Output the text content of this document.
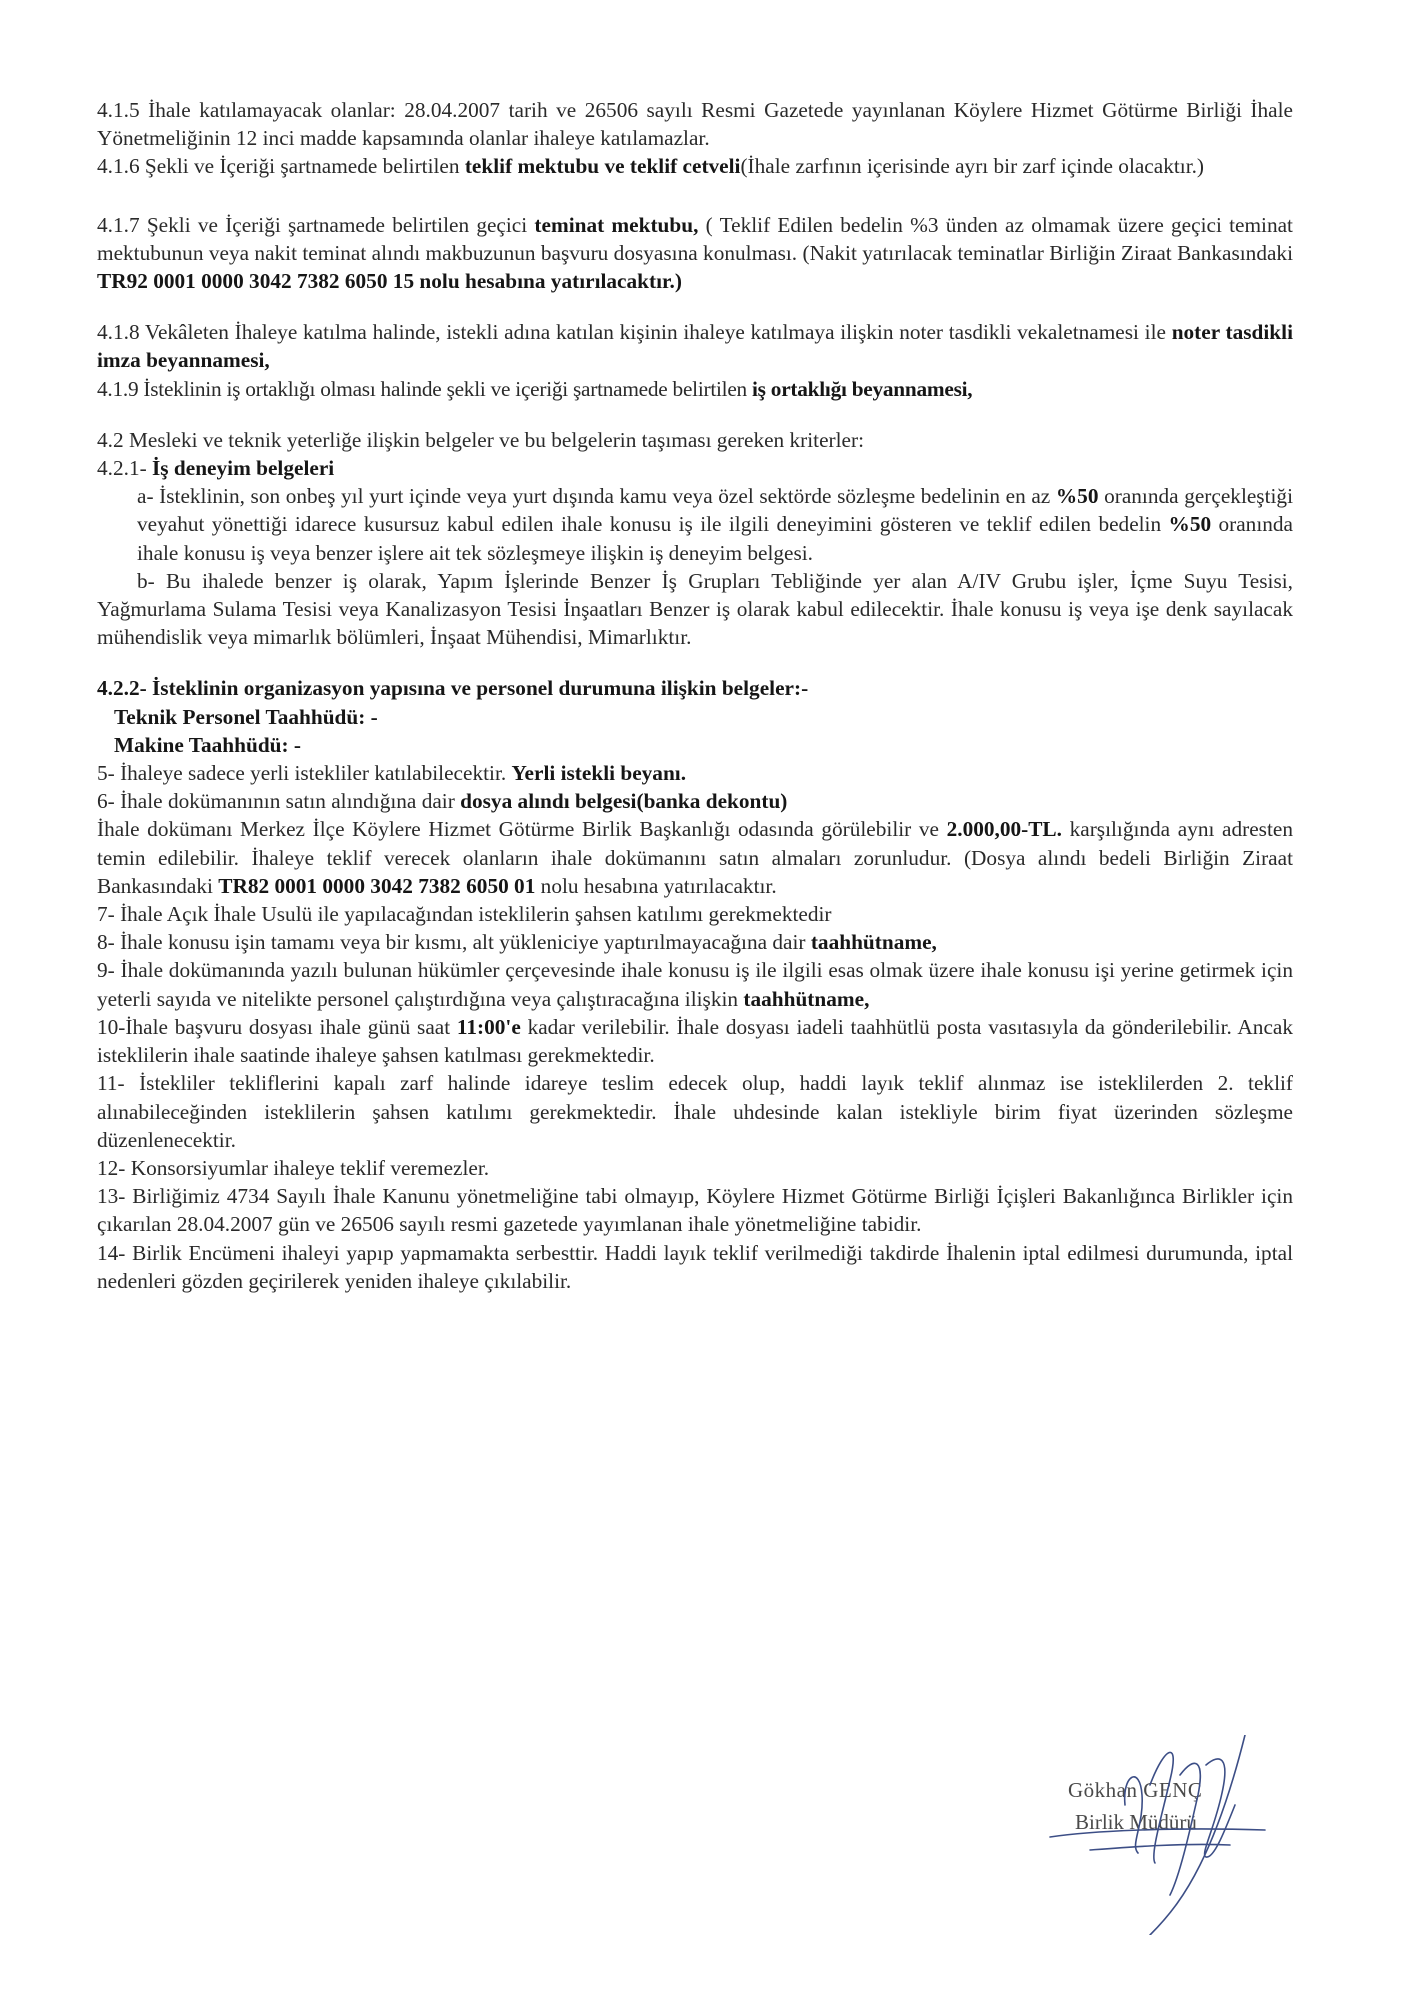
4.1.5 İhale katılamayacak olanlar: 28.04.2007 tarih ve 26506 sayılı Resmi Gazetede yayınlanan Köylere Hizmet Götürme Birliği İhale Yönetmeliğinin 12 inci madde kapsamında olanlar ihaleye katılamazlar.

4.1.6 Şekli ve İçeriği şartnamede belirtilen teklif mektubu ve teklif cetveli(İhale zarfının içerisinde ayrı bir zarf içinde olacaktır.)

4.1.7 Şekli ve İçeriği şartnamede belirtilen geçici teminat mektubu, ( Teklif Edilen bedelin %3 ünden az olmamak üzere geçici teminat mektubunun veya nakit teminat alındı makbuzunun başvuru dosyasına konulması. (Nakit yatırılacak teminatlar Birliğin Ziraat Bankasındaki TR92 0001 0000 3042 7382 6050 15 nolu hesabına yatırılacaktır.)

4.1.8 Vekâleten İhaleye katılma halinde, istekli adına katılan kişinin ihaleye katılmaya ilişkin noter tasdikli vekaletnamesi ile noter tasdikli imza beyannamesi,

4.1.9 İsteklinin iş ortaklığı olması halinde şekli ve içeriği şartnamede belirtilen iş ortaklığı beyannamesi,

4.2 Mesleki ve teknik yeterliğe ilişkin belgeler ve bu belgelerin taşıması gereken kriterler:

4.2.1- İş deneyim belgeleri

a- İsteklinin, son onbeş yıl yurt içinde veya yurt dışında kamu veya özel sektörde sözleşme bedelinin en az %50 oranında gerçekleştiği veyahut yönettiği idarece kusursuz kabul edilen ihale konusu iş ile ilgili deneyimini gösteren ve teklif edilen bedelin %50 oranında ihale konusu iş veya benzer işlere ait tek sözleşmeye ilişkin iş deneyim belgesi.

b- Bu ihalede benzer iş olarak, Yapım İşlerinde Benzer İş Grupları Tebliğinde yer alan A/IV Grubu işler, İçme Suyu Tesisi, Yağmurlama Sulama Tesisi veya Kanalizasyon Tesisi İnşaatları Benzer iş olarak kabul edilecektir. İhale konusu iş veya işe denk sayılacak mühendislik veya mimarlık bölümleri, İnşaat Mühendisi, Mimarlıktır.

4.2.2- İsteklinin organizasyon yapısına ve personel durumuna ilişkin belgeler:-

Teknik Personel Taahhüdü: -

Makine Taahhüdü: -

5- İhaleye sadece yerli istekliler katılabilecektir. Yerli istekli beyanı.

6- İhale dokümanının satın alındığına dair dosya alındı belgesi(banka dekontu)

İhale dokümanı Merkez İlçe Köylere Hizmet Götürme Birlik Başkanlığı odasında görülebilir ve 2.000,00-TL. karşılığında aynı adresten temin edilebilir. İhaleye teklif verecek olanların ihale dokümanını satın almaları zorunludur. (Dosya alındı bedeli Birliğin Ziraat Bankasındaki TR82 0001 0000 3042 7382 6050 01 nolu hesabına yatırılacaktır.

7- İhale Açık İhale Usulü ile yapılacağından isteklilerin şahsen katılımı gerekmektedir

8- İhale konusu işin tamamı veya bir kısmı, alt yükleniciye yaptırılmayacağına dair taahhütname,

9- İhale dokümanında yazılı bulunan hükümler çerçevesinde ihale konusu iş ile ilgili esas olmak üzere ihale konusu işi yerine getirmek için yeterli sayıda ve nitelikte personel çalıştırdığına veya çalıştıracağına ilişkin taahhütname,

10-İhale başvuru dosyası ihale günü saat 11:00'e kadar verilebilir. İhale dosyası iadeli taahhütlü posta vasıtasıyla da gönderilebilir. Ancak isteklilerin ihale saatinde ihaleye şahsen katılması gerekmektedir.

11- İstekliler tekliflerini kapalı zarf halinde idareye teslim edecek olup, haddi layık teklif alınmaz ise isteklilerden 2. teklif alınabileceğinden isteklilerin şahsen katılımı gerekmektedir. İhale uhdesinde kalan istekliyle birim fiyat üzerinden sözleşme düzenlenecektir.

12- Konsorsiyumlar ihaleye teklif veremezler.

13- Birliğimiz 4734 Sayılı İhale Kanunu yönetmeliğine tabi olmayıp, Köylere Hizmet Götürme Birliği İçişleri Bakanlığınca Birlikler için çıkarılan 28.04.2007 gün ve 26506 sayılı resmi gazetede yayımlanan ihale yönetmeliğine tabidir.

14- Birlik Encümeni ihaleyi yapıp yapmamakta serbesttir. Haddi layık teklif verilmediği takdirde İhalenin iptal edilmesi durumunda, iptal nedenleri gözden geçirilerek yeniden ihaleye çıkılabilir.

Gökhan GENÇ
Birlik Müdürü
